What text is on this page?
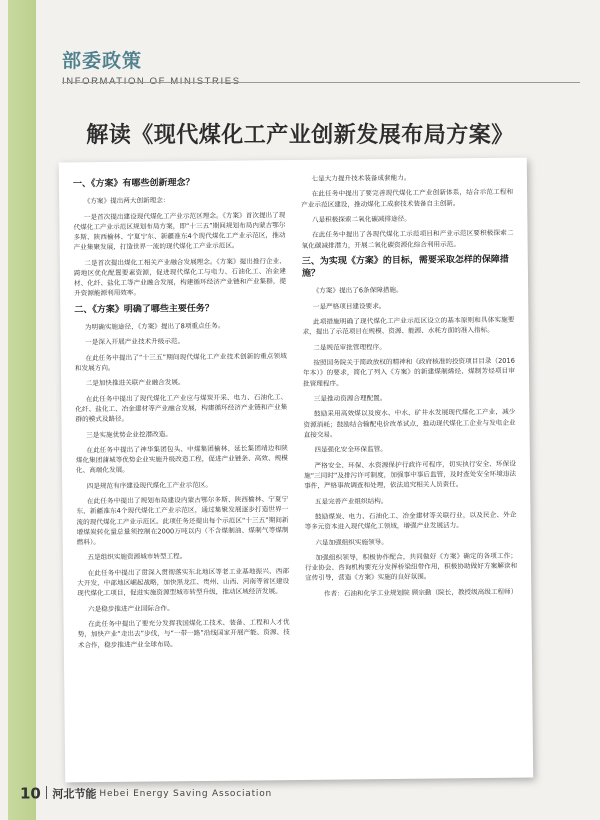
部委政策
解读《现代煤化工产业创新发展布局方案》
一、《方案》有哪些创新理念？

《方案》提出两大创新理念：

一是首次提出建设现代煤化工产业示范区理念。《方案》首次提出了现代煤化工产业示范区规划布局方案，即“十三五”期间规划布局内蒙古鄂尔多斯、陕西榆林、宁夏宁东、新疆准东4个现代煤化工产业示范区，推动产业集聚发展，打造世界一流的现代煤化工产业示范区。

二是首次提出煤化工相关产业融合发展理念。《方案》提出推行企业、跨地区优化配置要素资源，促进现代煤化工与电力、石油化工、冶金建材、化纤、盐化工等产业融合发展，构建循环经济产业链和产业集群，提升资源能源利用效率。

二、《方案》明确了哪些主要任务？

为明确实施途径，《方案》提出了8项重点任务。

一是深入开展产业技术升级示范。

在此任务中提出了“十三五”期间现代煤化工产业技术创新的重点领域和发展方向。

二是加快推进关联产业融合发展。

在此任务中提出了现代煤化工产业应与煤炭开采、电力、石油化工、化纤、盐化工、冶金建材等产业融合发展，构建循环经济产业链和产业集群的模式及路径。

三是实施优势企业挖潜改造。

在此任务中提出了神华集团包头、中煤集团榆林、延长集团靖边和陕煤化集团蒲城等优势企业实施升级改造工程，促进产业链条、高效、规模化、高端化发展。

四是规范有序建设现代煤化工产业示范区。

在此任务中提出了规划布局建设内蒙古鄂尔多斯、陕西榆林、宁夏宁东、新疆准东4个现代煤化工产业示范区，通过集聚发展逐步打造世界一流的现代煤化工产业示范区。此项任务还提出每个示范区“十三五”期间新增煤炭转化量总量须控制在2000万吨以内（不含煤制油、煤制气等煤制燃料）。

五是组织实施资源城市转型工程。

在此任务中提出了贯深入贯彻落实东北地区等老工业基地振兴、西部大开发、中部地区崛起战略，加快黑龙江、贵州、山西、河南等省区建设现代煤化工项目，促进实施资源型城市转型升级，推动区域经济发展。

六是稳步推进产业国际合作。

在此任务中提出了要充分发挥我国煤化工技术、装备、工程和人才优势，加快产业“走出去”步伐，与“一带一路”沿线国家开展产能、资源、技术合作，稳步推进产业全球布局。

七是大力提升技术装备成套能力。

在此任务中提出了要完善现代煤化工产业创新体系，结合示范工程和产业示范区建设，推动煤化工成套技术装备自主创新。

八是积极探索二氧化碳减排途径。

在此任务中提出了各现代煤化工示范项目和产业示范区要积极探索二氧化碳减排潜力，开展二氧化碳资源化综合利用示范。

三、为实现《方案》的目标，需要采取怎样的保障措施？

《方案》提出了6条保障措施。

一是严格项目建设要求。

此项措施明确了现代煤化工产业示范区设立的基本原则和具体实施要求，提出了示范项目在规模、资源、能源、水耗方面的准入指标。

二是规范审批管理程序。

按照国务院关于简政放权的精神和《政府核准的投资项目目录（2016年本）》的要求，简化了列入《方案》的新建煤制烯烃、煤制芳烃项目审批管理程序。

三是推动资源合理配置。

鼓励采用高效煤以及废水、中水、矿井水发展现代煤化工产业，减少资源消耗；鼓励结合输配电价改革试点，推动现代煤化工企业与发电企业直接交易。

四是强化安全环保监管。

严格安全、环保、水资源保护行政许可程序，切实执行安全、环保设施“三同时”及排污许可制度，加强事中事后监管，及时查处安全环境违法事件，严格事故调查和处理，依法追究相关人员责任。

五是完善产业组织结构。

鼓励煤炭、电力、石油化工、冶金建材等关联行业，以及民企、外企等多元资本进入现代煤化工领域，增强产业发展活力。

六是加强组织实施领导。

加强组织领导，积极协作配合，共同做好《方案》确定的各项工作；行业协会、咨询机构要充分发挥桥梁纽带作用，积极协助做好方案解读和宣传引导，营造《方案》实施的良好氛围。

作者：石油和化学工业规划院 顾宗勤（院长，教授级高级工程师）

10 河北节能 Hebei Energy Saving Association
